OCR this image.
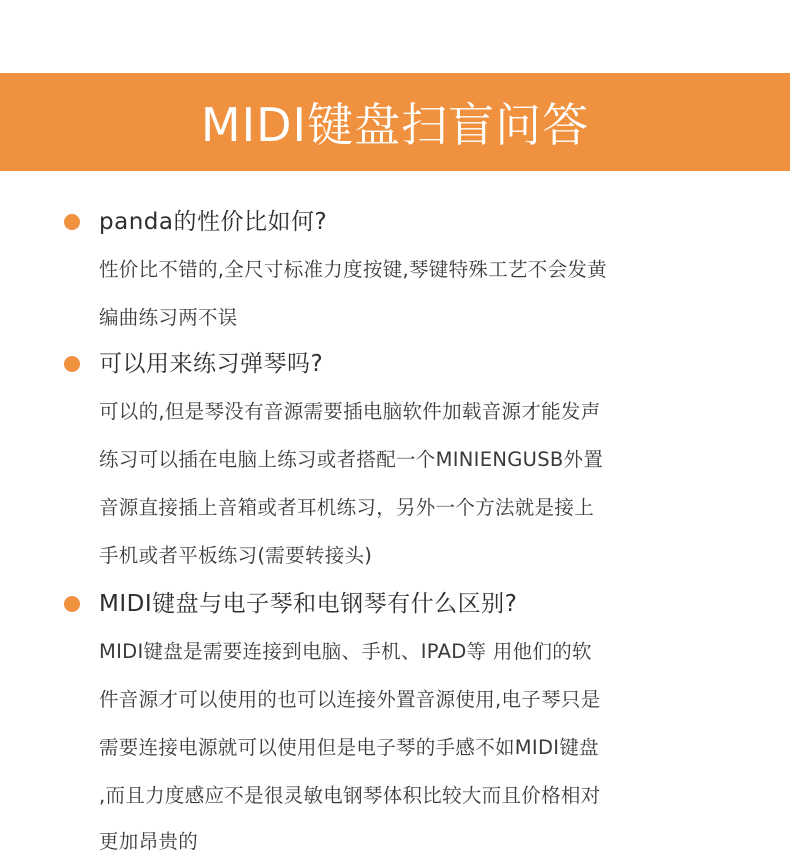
MIDI键盘扫盲问答
panda的性价比如何?
性价比不错的,全尺寸标准力度按键,琴键特殊工艺不会发黄
编曲练习两不误
可以用来练习弹琴吗?
可以的,但是琴没有音源需要插电脑软件加载音源才能发声
练习可以插在电脑上练习或者搭配一个MINIENGUSB外置
音源直接插上音箱或者耳机练习，另外一个方法就是接上
手机或者平板练习(需要转接头)
MIDI键盘与电子琴和电钢琴有什么区别?
MIDI键盘是需要连接到电脑、手机、IPAD等 用他们的软
件音源才可以使用的也可以连接外置音源使用,电子琴只是
需要连接电源就可以使用但是电子琴的手感不如MIDI键盘
,而且力度感应不是很灵敏电钢琴体积比较大而且价格相对
更加昂贵的
